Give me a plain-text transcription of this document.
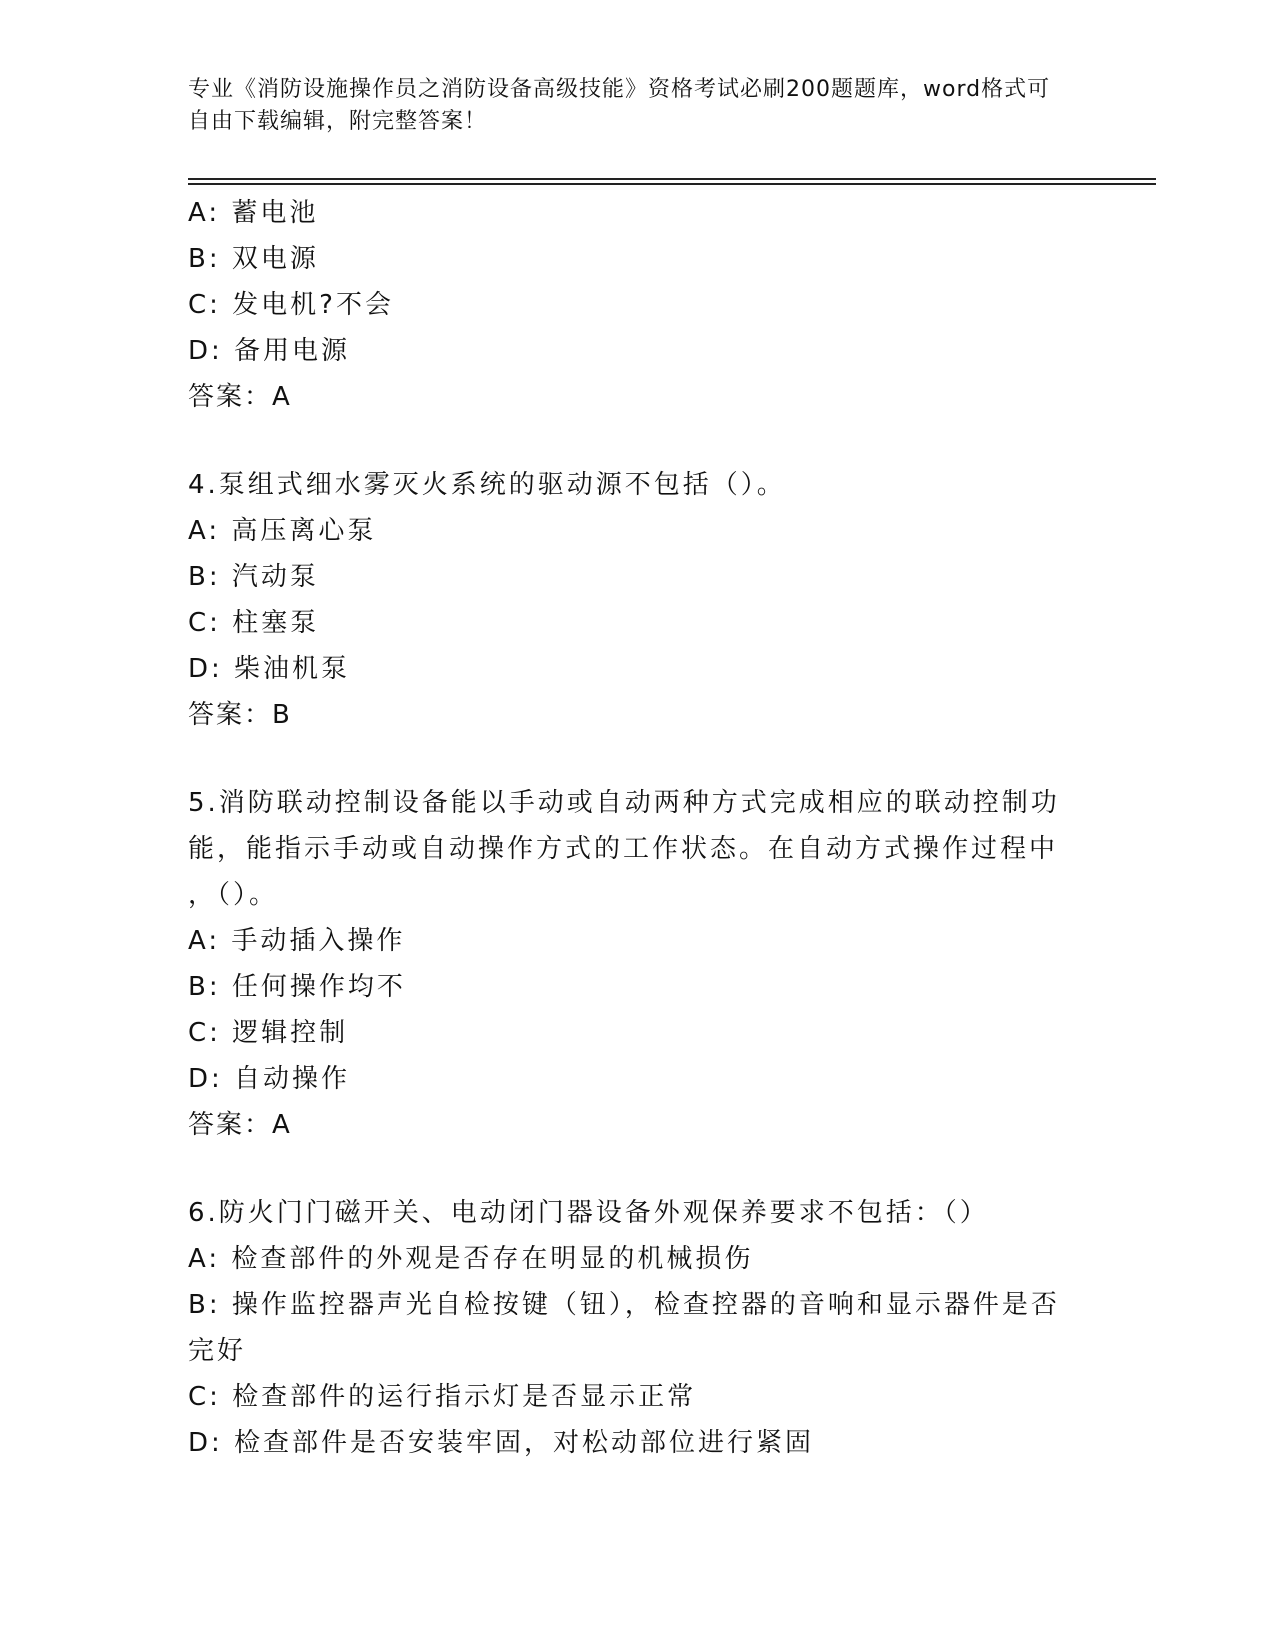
专业《消防设施操作员之消防设备高级技能》资格考试必刷200题题库，word格式可自由下载编辑，附完整答案！
A: 蓄电池
B: 双电源
C: 发电机?不会
D: 备用电源
答案：A
4.泵组式细水雾灭火系统的驱动源不包括（）。
A: 高压离心泵
B: 汽动泵
C: 柱塞泵
D: 柴油机泵
答案：B
5.消防联动控制设备能以手动或自动两种方式完成相应的联动控制功
能，能指示手动或自动操作方式的工作状态。在自动方式操作过程中
，（）。
A: 手动插入操作
B: 任何操作均不
C: 逻辑控制
D: 自动操作
答案：A
6.防火门门磁开关、电动闭门器设备外观保养要求不包括：（）
A: 检查部件的外观是否存在明显的机械损伤
B: 操作监控器声光自检按键（钮），检查控器的音响和显示器件是否
完好
C: 检查部件的运行指示灯是否显示正常
D: 检查部件是否安装牢固，对松动部位进行紧固
